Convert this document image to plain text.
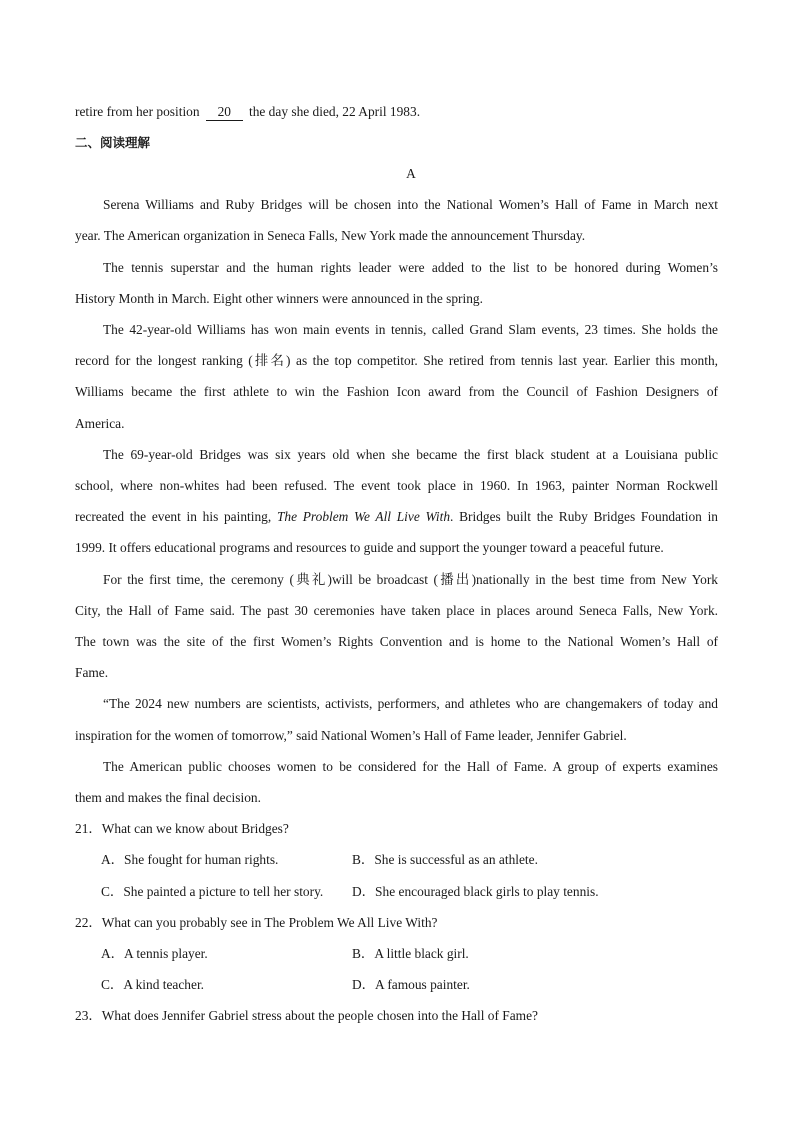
retire from her position 20 the day she died, 22 April 1983.
二、阅读理解
A
Serena Williams and Ruby Bridges will be chosen into the National Women’s Hall of Fame in March next
year. The American organization in Seneca Falls, New York made the announcement Thursday.
The tennis superstar and the human rights leader were added to the list to be honored during Women’s
History Month in March. Eight other winners were announced in the spring.
The 42-year-old Williams has won main events in tennis, called Grand Slam events, 23 times. She holds the
record for the longest ranking (排名) as the top competitor. She retired from tennis last year. Earlier this month,
Williams became the first athlete to win the Fashion Icon award from the Council of Fashion Designers of
America.
The 69-year-old Bridges was six years old when she became the first black student at a Louisiana public
school, where non-whites had been refused. The event took place in 1960. In 1963, painter Norman Rockwell
recreated the event in his painting, The Problem We All Live With. Bridges built the Ruby Bridges Foundation in
1999. It offers educational programs and resources to guide and support the younger toward a peaceful future.
For the first time, the ceremony (典礼)will be broadcast (播出)nationally in the best time from New York
City, the Hall of Fame said. The past 30 ceremonies have taken place in places around Seneca Falls, New York.
The town was the site of the first Women’s Rights Convention and is home to the National Women’s Hall of
Fame.
“The 2024 new numbers are scientists, activists, performers, and athletes who are changemakers of today and
inspiration for the women of tomorrow,” said National Women’s Hall of Fame leader, Jennifer Gabriel.
The American public chooses women to be considered for the Hall of Fame. A group of experts examines
them and makes the final decision.
21．What can we know about Bridges?
A．She fought for human rights.	B．She is successful as an athlete.
C．She painted a picture to tell her story. D．She encouraged black girls to play tennis.
22．What can you probably see in The Problem We All Live With?
A．A tennis player.	B．A little black girl.
C．A kind teacher.	D．A famous painter.
23．What does Jennifer Gabriel stress about the people chosen into the Hall of Fame?
